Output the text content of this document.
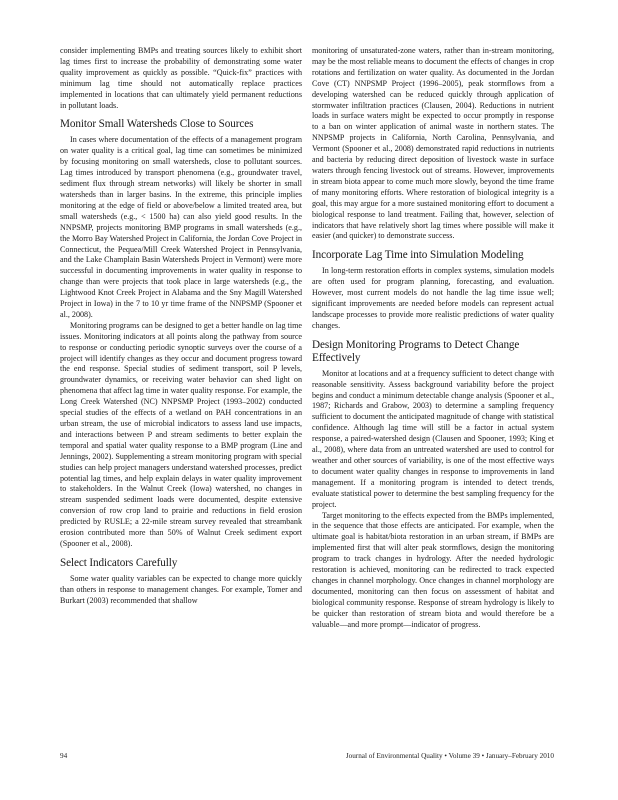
consider implementing BMPs and treating sources likely to exhibit short lag times first to increase the probability of demonstrating some water quality improvement as quickly as possible. “Quick-fix” practices with minimum lag time should not automatically replace practices implemented in locations that can ultimately yield permanent reductions in pollutant loads.

Monitor Small Watersheds Close to Sources

In cases where documentation of the effects of a management program on water quality is a critical goal, lag time can sometimes be minimized by focusing monitoring on small watersheds, close to pollutant sources. Lag times introduced by transport phenomena (e.g., groundwater travel, sediment flux through stream networks) will likely be shorter in small watersheds than in larger basins. In the extreme, this principle implies monitoring at the edge of field or above/below a limited treated area, but small watersheds (e.g., < 1500 ha) can also yield good results. In the NNPSMP, projects monitoring BMP programs in small watersheds (e.g., the Morro Bay Watershed Project in California, the Jordan Cove Project in Connecticut, the Pequea/Mill Creek Watershed Project in Pennsylvania, and the Lake Champlain Basin Watersheds Project in Vermont) were more successful in documenting improvements in water quality in response to change than were projects that took place in large watersheds (e.g., the Lightwood Knot Creek Project in Alabama and the Sny Magill Watershed Project in Iowa) in the 7 to 10 yr time frame of the NNPSMP (Spooner et al., 2008).

Monitoring programs can be designed to get a better handle on lag time issues. Monitoring indicators at all points along the pathway from source to response or conducting periodic synoptic surveys over the course of a project will identify changes as they occur and document progress toward the end response. Special studies of sediment transport, soil P levels, groundwater dynamics, or receiving water behavior can shed light on phenomena that affect lag time in water quality response. For example, the Long Creek Watershed (NC) NNPSMP Project (1993–2002) conducted special studies of the effects of a wetland on PAH concentrations in an urban stream, the use of microbial indicators to assess land use impacts, and interactions between P and stream sediments to better explain the temporal and spatial water quality response to a BMP program (Line and Jennings, 2002). Supplementing a stream monitoring program with special studies can help project managers understand watershed processes, predict potential lag times, and help explain delays in water quality improvement to stakeholders. In the Walnut Creek (Iowa) watershed, no changes in stream suspended sediment loads were documented, despite extensive conversion of row crop land to prairie and reductions in field erosion predicted by RUSLE; a 22-mile stream survey revealed that streambank erosion contributed more than 50% of Walnut Creek sediment export (Spooner et al., 2008).

Select Indicators Carefully

Some water quality variables can be expected to change more quickly than others in response to management changes. For example, Tomer and Burkart (2003) recommended that shallow

monitoring of unsaturated-zone waters, rather than in-stream monitoring, may be the most reliable means to document the effects of changes in crop rotations and fertilization on water quality. As documented in the Jordan Cove (CT) NNPSMP Project (1996–2005), peak stormflows from a developing watershed can be reduced quickly through application of stormwater infiltration practices (Clausen, 2004). Reductions in nutrient loads in surface waters might be expected to occur promptly in response to a ban on winter application of animal waste in northern states. The NNPSMP projects in California, North Carolina, Pennsylvania, and Vermont (Spooner et al., 2008) demonstrated rapid reductions in nutrients and bacteria by reducing direct deposition of livestock waste in surface waters through fencing livestock out of streams. However, improvements in stream biota appear to come much more slowly, beyond the time frame of many monitoring efforts. Where restoration of biological integrity is a goal, this may argue for a more sustained monitoring effort to document a biological response to land treatment. Failing that, however, selection of indicators that have relatively short lag times where possible will make it easier (and quicker) to demonstrate success.

Incorporate Lag Time into Simulation Modeling

In long-term restoration efforts in complex systems, simulation models are often used for program planning, forecasting, and evaluation. However, most current models do not handle the lag time issue well; significant improvements are needed before models can represent actual landscape processes to provide more realistic predictions of water quality changes.

Design Monitoring Programs to Detect Change Effectively

Monitor at locations and at a frequency sufficient to detect change with reasonable sensitivity. Assess background variability before the project begins and conduct a minimum detectable change analysis (Spooner et al., 1987; Richards and Grabow, 2003) to determine a sampling frequency sufficient to document the anticipated magnitude of change with statistical confidence. Although lag time will still be a factor in actual system response, a paired-watershed design (Clausen and Spooner, 1993; King et al., 2008), where data from an untreated watershed are used to control for weather and other sources of variability, is one of the most effective ways to document water quality changes in response to improvements in land management. If a monitoring program is intended to detect trends, evaluate statistical power to determine the best sampling frequency for the project.

Target monitoring to the effects expected from the BMPs implemented, in the sequence that those effects are anticipated. For example, when the ultimate goal is habitat/biota restoration in an urban stream, if BMPs are implemented first that will alter peak stormflows, design the monitoring program to track changes in hydrology. After the needed hydrologic restoration is achieved, monitoring can be redirected to track expected changes in channel morphology. Once changes in channel morphology are documented, monitoring can then focus on assessment of habitat and biological community response. Response of stream hydrology is likely to be quicker than restoration of stream biota and would therefore be a valuable—and more prompt—indicator of progress.

94	Journal of Environmental Quality • Volume 39 • January–February 2010
